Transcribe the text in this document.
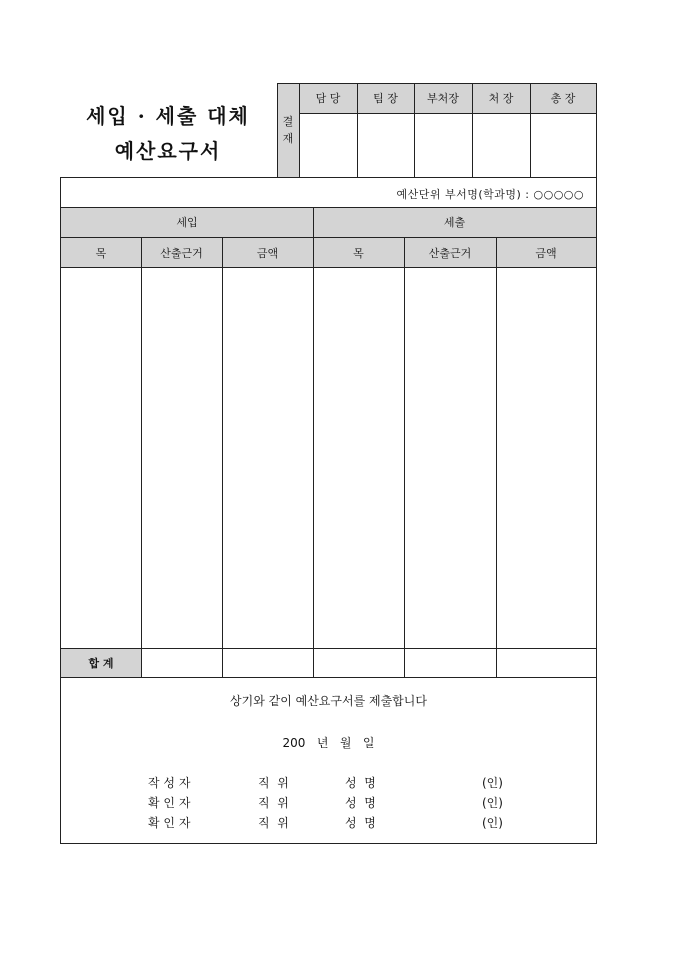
세입 · 세출 대체
예산요구서
결
재
담 당	팀 장	부처장	처 장	총 장
예산단위 부서명(학과명) : ○○○○○
세입	세출
목	산출근거	금액	목	산출근거	금액
합 계
상기와 같이 예산요구서를 제출합니다
200   년   월   일
작 성 자	직  위	성  명	(인)
확 인 자	직  위	성  명	(인)
확 인 자	직  위	성  명	(인)
